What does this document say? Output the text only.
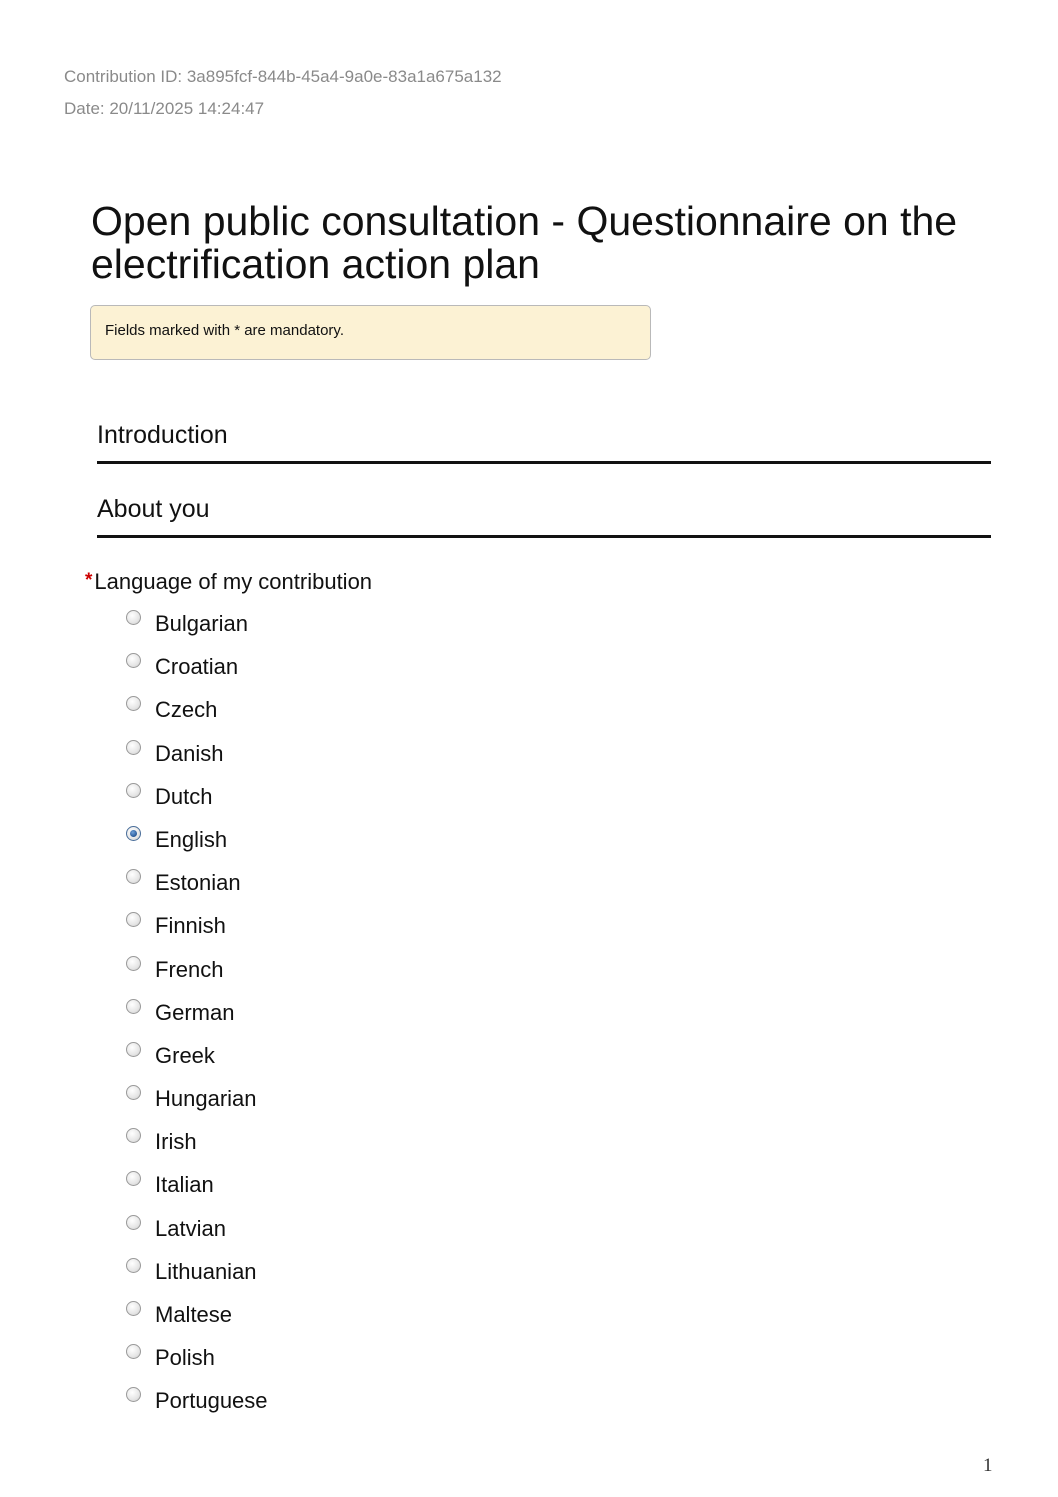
Contribution ID: 3a895fcf-844b-45a4-9a0e-83a1a675a132
Date: 20/11/2025 14:24:47
Open public consultation - Questionnaire on the electrification action plan
Fields marked with * are mandatory.
Introduction
About you
*Language of my contribution
Bulgarian
Croatian
Czech
Danish
Dutch
English
Estonian
Finnish
French
German
Greek
Hungarian
Irish
Italian
Latvian
Lithuanian
Maltese
Polish
Portuguese
1
